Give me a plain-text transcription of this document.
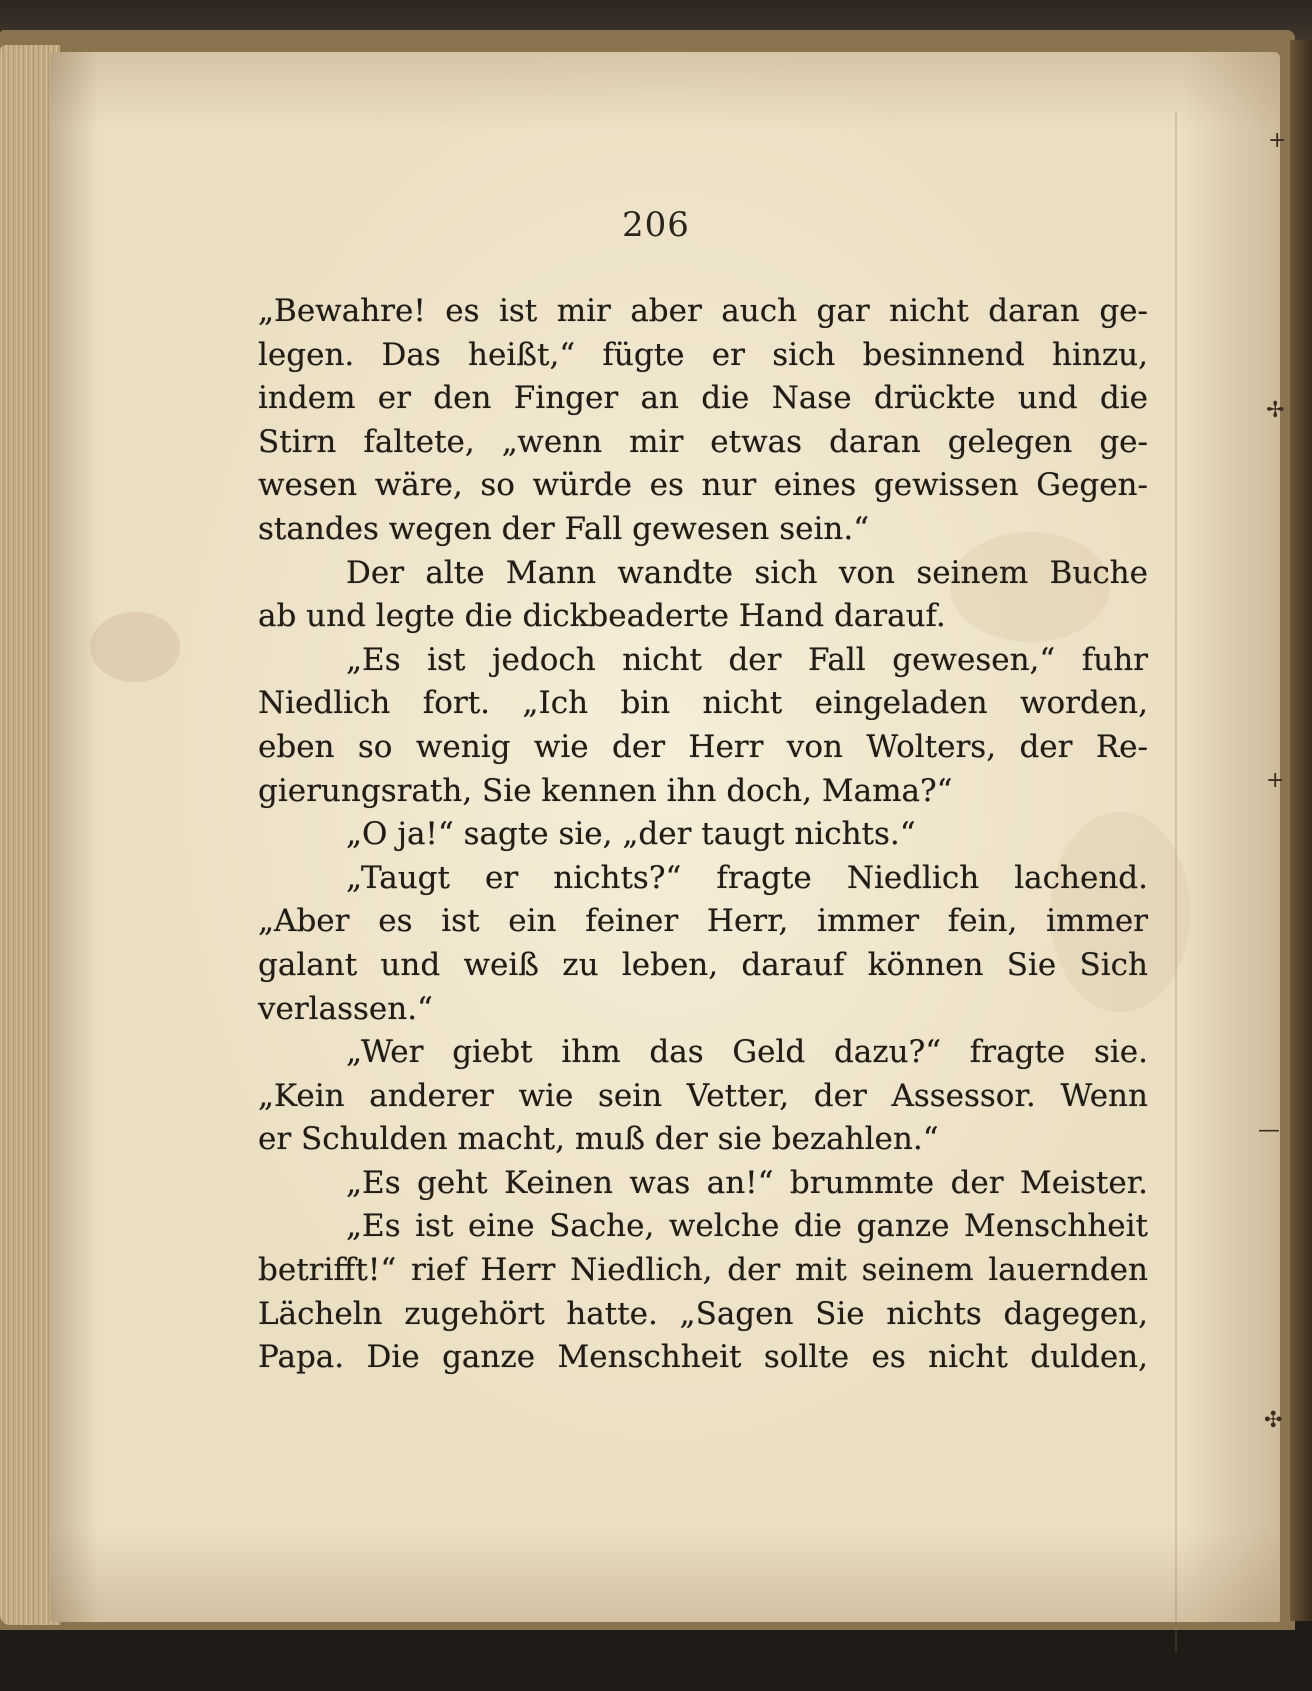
+
✢
+
—
✣
206
„Bewahre! es ist mir aber auch gar nicht daran ge-
legen. Das heißt,“ fügte er sich besinnend hinzu,
indem er den Finger an die Nase drückte und die
Stirn faltete, „wenn mir etwas daran gelegen ge-
wesen wäre, so würde es nur eines gewissen Gegen-
standes wegen der Fall gewesen sein.“
Der alte Mann wandte sich von seinem Buche
ab und legte die dickbeaderte Hand darauf.
„Es ist jedoch nicht der Fall gewesen,“ fuhr
Niedlich fort. „Ich bin nicht eingeladen worden,
eben so wenig wie der Herr von Wolters, der Re-
gierungsrath, Sie kennen ihn doch, Mama?“
„O ja!“ sagte sie, „der taugt nichts.“
„Taugt er nichts?“ fragte Niedlich lachend.
„Aber es ist ein feiner Herr, immer fein, immer
galant und weiß zu leben, darauf können Sie Sich
verlassen.“
„Wer giebt ihm das Geld dazu?“ fragte sie.
„Kein anderer wie sein Vetter, der Assessor. Wenn
er Schulden macht, muß der sie bezahlen.“
„Es geht Keinen was an!“ brummte der Meister.
„Es ist eine Sache, welche die ganze Menschheit
betrifft!“ rief Herr Niedlich, der mit seinem lauernden
Lächeln zugehört hatte. „Sagen Sie nichts dagegen,
Papa. Die ganze Menschheit sollte es nicht dulden,
